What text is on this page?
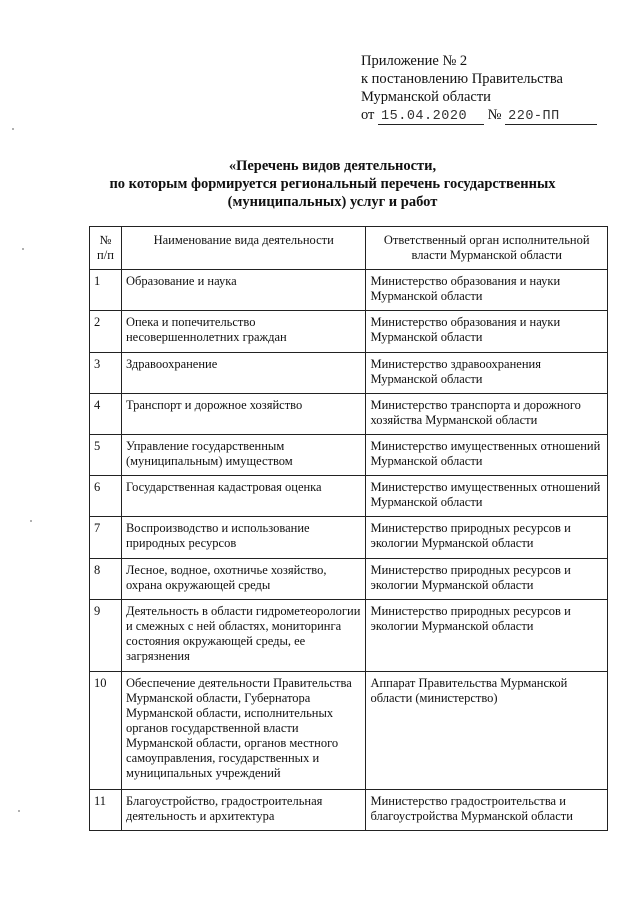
Приложение № 2
к постановлению Правительства
Мурманской области
от 15.04.2020 № 220-ПП
«Перечень видов деятельности,
по которым формируется региональный перечень государственных
(муниципальных) услуг и работ
№ п/п	Наименование вида деятельности	Ответственный орган исполнительной власти Мурманской области
1	Образование и наука	Министерство образования и науки Мурманской области
2	Опека и попечительство несовершеннолетних граждан	Министерство образования и науки Мурманской области
3	Здравоохранение	Министерство здравоохранения Мурманской области
4	Транспорт и дорожное хозяйство	Министерство транспорта и дорожного хозяйства Мурманской области
5	Управление государственным (муниципальным) имуществом	Министерство имущественных отношений Мурманской области
6	Государственная кадастровая оценка	Министерство имущественных отношений Мурманской области
7	Воспроизводство и использование природных ресурсов	Министерство природных ресурсов и экологии Мурманской области
8	Лесное, водное, охотничье хозяйство, охрана окружающей среды	Министерство природных ресурсов и экологии Мурманской области
9	Деятельность в области гидрометеорологии и смежных с ней областях, мониторинга состояния окружающей среды, ее загрязнения	Министерство природных ресурсов и экологии Мурманской области
10	Обеспечение деятельности Правительства Мурманской области, Губернатора Мурманской области, исполнительных органов государственной власти Мурманской области, органов местного самоуправления, государственных и муниципальных учреждений	Аппарат Правительства Мурманской области (министерство)
11	Благоустройство, градостроительная деятельность и архитектура	Министерство градостроительства и благоустройства Мурманской области
